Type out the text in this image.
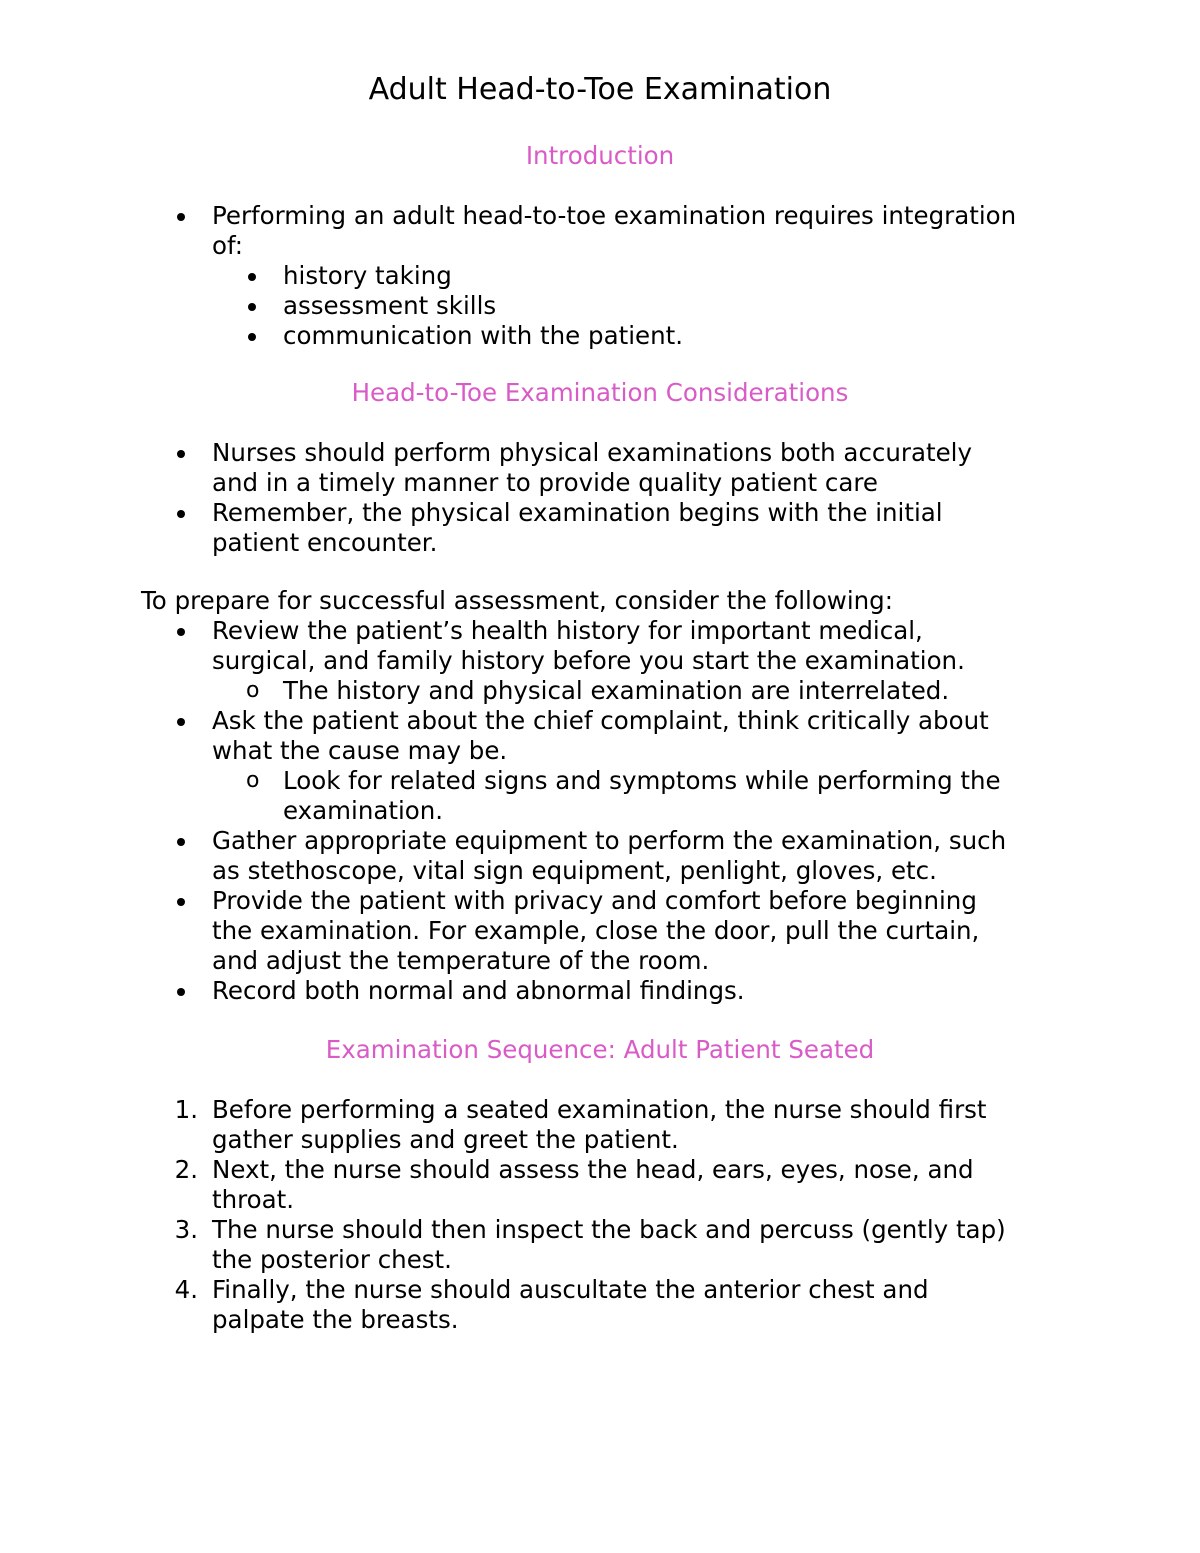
Adult Head-to-Toe Examination
Introduction
Performing an adult head-to-toe examination requires integration
of:
history taking
assessment skills
communication with the patient.
Head-to-Toe Examination Considerations
Nurses should perform physical examinations both accurately
and in a timely manner to provide quality patient care
Remember, the physical examination begins with the initial
patient encounter.
To prepare for successful assessment, consider the following:
Review the patient’s health history for important medical,
surgical, and family history before you start the examination.
o The history and physical examination are interrelated.
Ask the patient about the chief complaint, think critically about
what the cause may be.
o Look for related signs and symptoms while performing the
examination.
Gather appropriate equipment to perform the examination, such
as stethoscope, vital sign equipment, penlight, gloves, etc.
Provide the patient with privacy and comfort before beginning
the examination. For example, close the door, pull the curtain,
and adjust the temperature of the room.
Record both normal and abnormal findings.
Examination Sequence: Adult Patient Seated
1. Before performing a seated examination, the nurse should first
gather supplies and greet the patient.
2. Next, the nurse should assess the head, ears, eyes, nose, and
throat.
3. The nurse should then inspect the back and percuss (gently tap)
the posterior chest.
4. Finally, the nurse should auscultate the anterior chest and
palpate the breasts.
